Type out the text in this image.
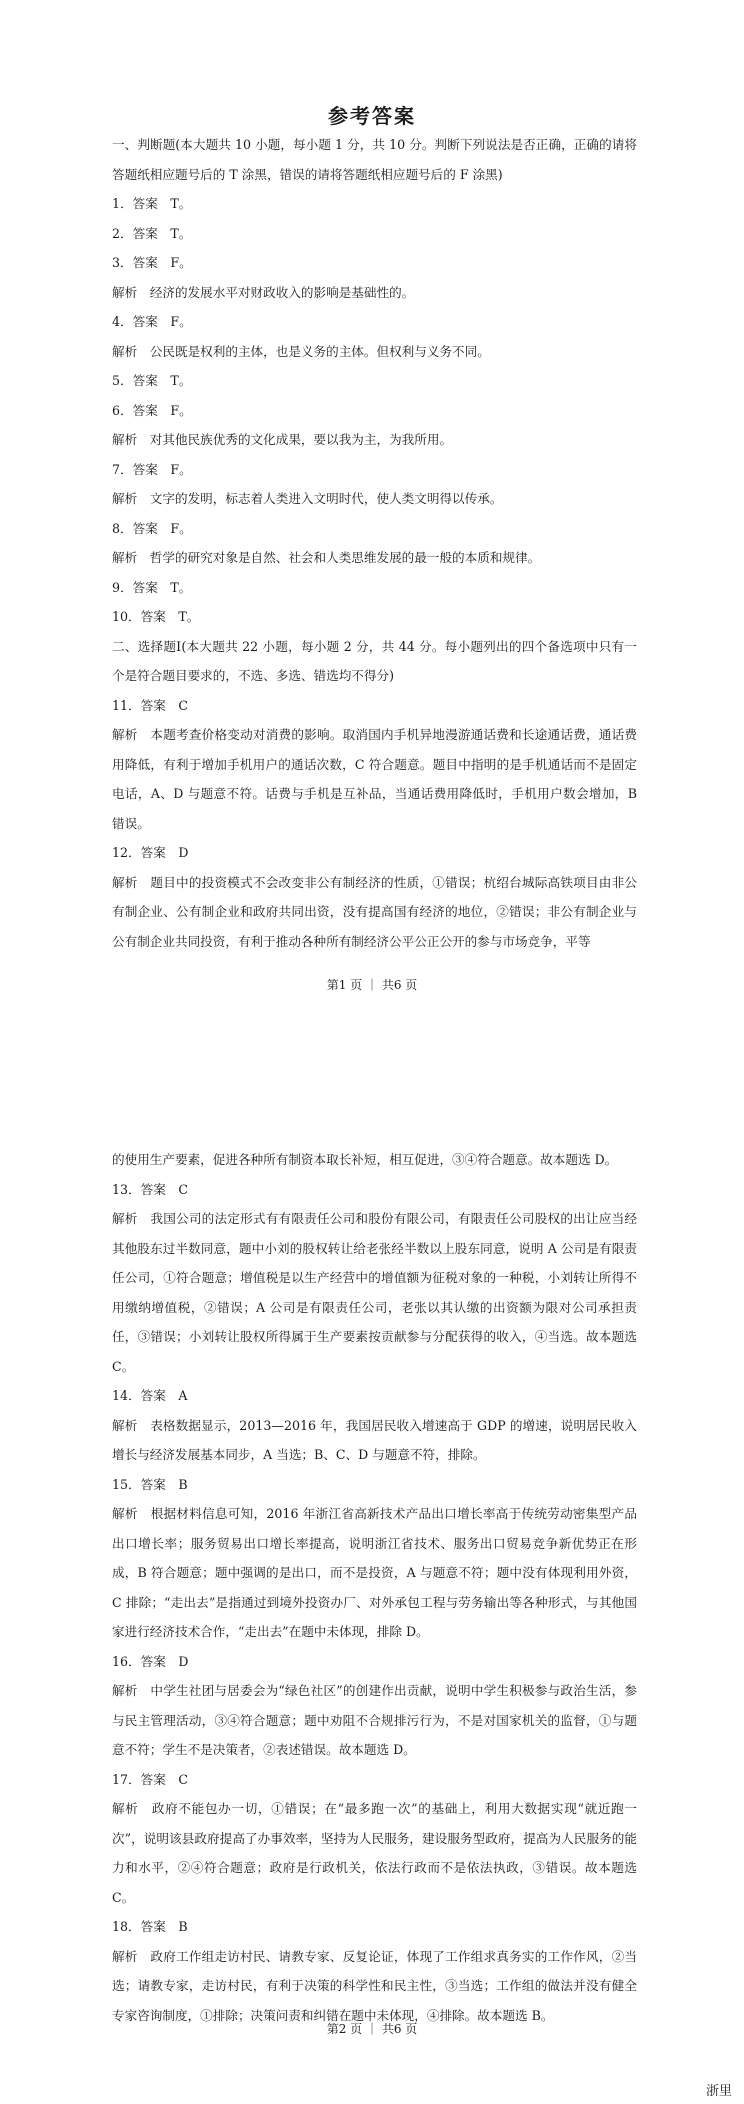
参考答案

一、判断题(本大题共 10 小题，每小题 1 分，共 10 分。判断下列说法是否正确，正确的请将答题纸相应题号后的 T 涂黑，错误的请将答题纸相应题号后的 F 涂黑)

1．答案　T。

2．答案　T。

3．答案　F。

解析　经济的发展水平对财政收入的影响是基础性的。

4．答案　F。

解析　公民既是权利的主体，也是义务的主体。但权利与义务不同。

5．答案　T。

6．答案　F。

解析　对其他民族优秀的文化成果，要以我为主，为我所用。

7．答案　F。

解析　文字的发明，标志着人类进入文明时代，使人类文明得以传承。

8．答案　F。

解析　哲学的研究对象是自然、社会和人类思维发展的最一般的本质和规律。

9．答案　T。

10．答案　T。

二、选择题Ⅰ(本大题共 22 小题，每小题 2 分，共 44 分。每小题列出的四个备选项中只有一个是符合题目要求的，不选、多选、错选均不得分)

11．答案　C

解析　本题考查价格变动对消费的影响。取消国内手机异地漫游通话费和长途通话费，通话费用降低，有利于增加手机用户的通话次数，C 符合题意。题目中指明的是手机通话而不是固定电话，A、D 与题意不符。话费与手机是互补品，当通话费用降低时，手机用户数会增加，B 错误。

12．答案　D

解析　题目中的投资模式不会改变非公有制经济的性质，①错误；杭绍台城际高铁项目由非公有制企业、公有制企业和政府共同出资，没有提高国有经济的地位，②错误；非公有制企业与公有制企业共同投资，有利于推动各种所有制经济公平公正公开的参与市场竞争，平等

第1 页 ｜ 共6 页

的使用生产要素，促进各种所有制资本取长补短，相互促进，③④符合题意。故本题选 D。

13．答案　C

解析　我国公司的法定形式有有限责任公司和股份有限公司，有限责任公司股权的出让应当经其他股东过半数同意，题中小刘的股权转让给老张经半数以上股东同意，说明 A 公司是有限责任公司，①符合题意；增值税是以生产经营中的增值额为征税对象的一种税，小刘转让所得不用缴纳增值税，②错误；A 公司是有限责任公司，老张以其认缴的出资额为限对公司承担责任，③错误；小刘转让股权所得属于生产要素按贡献参与分配获得的收入，④当选。故本题选 C。

14．答案　A

解析　表格数据显示，2013—2016 年，我国居民收入增速高于 GDP 的增速，说明居民收入增长与经济发展基本同步，A 当选；B、C、D 与题意不符，排除。

15．答案　B

解析　根据材料信息可知，2016 年浙江省高新技术产品出口增长率高于传统劳动密集型产品出口增长率；服务贸易出口增长率提高，说明浙江省技术、服务出口贸易竞争新优势正在形成，B 符合题意；题中强调的是出口，而不是投资，A 与题意不符；题中没有体现利用外资，C 排除；“走出去”是指通过到境外投资办厂、对外承包工程与劳务输出等各种形式，与其他国家进行经济技术合作，“走出去”在题中未体现，排除 D。

16．答案　D

解析　中学生社团与居委会为“绿色社区”的创建作出贡献，说明中学生积极参与政治生活，参与民主管理活动，③④符合题意；题中劝阻不合规排污行为，不是对国家机关的监督，①与题意不符；学生不是决策者，②表述错误。故本题选 D。

17．答案　C

解析　政府不能包办一切，①错误；在“最多跑一次”的基础上，利用大数据实现“就近跑一次”，说明该县政府提高了办事效率，坚持为人民服务，建设服务型政府，提高为人民服务的能力和水平，②④符合题意；政府是行政机关，依法行政而不是依法执政，③错误。故本题选 C。

18．答案　B

解析　政府工作组走访村民、请教专家、反复论证，体现了工作组求真务实的工作作风，②当选；请教专家，走访村民，有利于决策的科学性和民主性，③当选；工作组的做法并没有健全专家咨询制度，①排除；决策问责和纠错在题中未体现，④排除。故本题选 B。

第2 页 ｜ 共6 页
浙里
